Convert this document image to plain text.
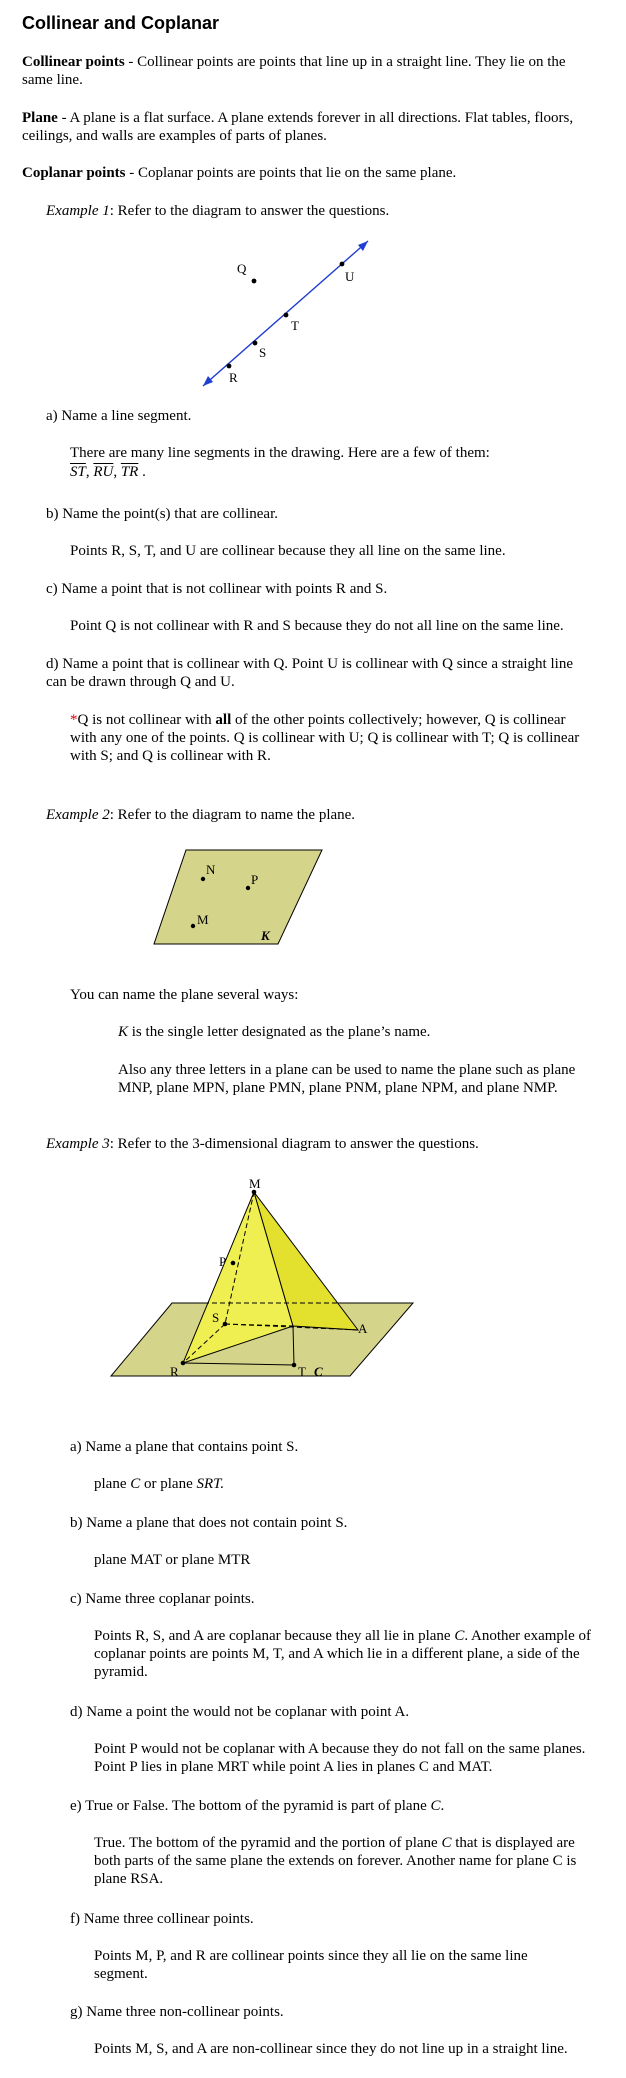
Collinear and Coplanar
Collinear points - Collinear points are points that line up in a straight line. They lie on the same line.
Plane - A plane is a flat surface. A plane extends forever in all directions. Flat tables, floors, ceilings, and walls are examples of parts of planes.
Coplanar points - Coplanar points are points that lie on the same plane.
Example 1: Refer to the diagram to answer the questions.
Q
U
T
S
R
a) Name a line segment.
There are many line segments in the drawing. Here are a few of them:
$\overline{ST}$, $\overline{RU}$, $\overline{TR}$ .
b) Name the point(s) that are collinear.
Points R, S, T, and U are collinear because they all line on the same line.
c) Name a point that is not collinear with points R and S.
Point Q is not collinear with R and S because they do not all line on the same line.
d) Name a point that is collinear with Q. Point U is collinear with Q since a straight line can be drawn through Q and U.
*Q is not collinear with all of the other points collectively; however, Q is collinear with any one of the points. Q is collinear with U; Q is collinear with T; Q is collinear with S; and Q is collinear with R.
Example 2: Refer to the diagram to name the plane.
N
P
M
K
You can name the plane several ways:
K is the single letter designated as the plane’s name.
Also any three letters in a plane can be used to name the plane such as plane MNP, plane MPN, plane PMN, plane PNM, plane NPM, and plane NMP.
Example 3: Refer to the 3-dimensional diagram to answer the questions.
M
P
S
A
R	T C
a) Name a plane that contains point S.
plane C or plane SRT.
b) Name a plane that does not contain point S.
plane MAT or plane MTR
c) Name three coplanar points.
Points R, S, and A are coplanar because they all lie in plane C. Another example of coplanar points are points M, T, and A which lie in a different plane, a side of the pyramid.
d) Name a point the would not be coplanar with point A.
Point P would not be coplanar with A because they do not fall on the same planes. Point P lies in plane MRT while point A lies in planes C and MAT.
e) True or False. The bottom of the pyramid is part of plane C.
True. The bottom of the pyramid and the portion of plane C that is displayed are both parts of the same plane the extends on forever. Another name for plane C is plane RSA.
f) Name three collinear points.
Points M, P, and R are collinear points since they all lie on the same line segment.
g) Name three non-collinear points.
Points M, S, and A are non-collinear since they do not line up in a straight line.
